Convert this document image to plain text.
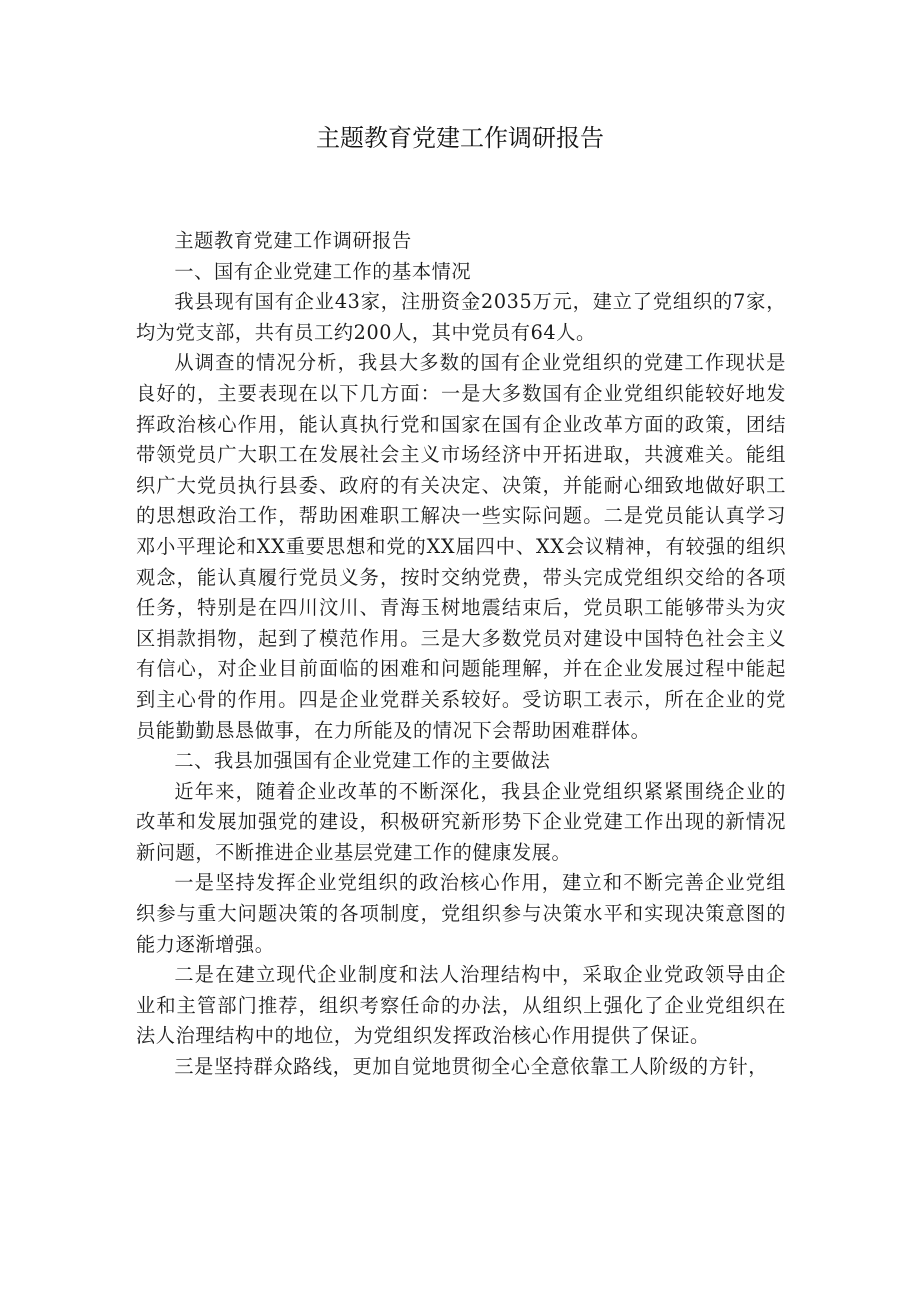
主题教育党建工作调研报告

主题教育党建工作调研报告

一、国有企业党建工作的基本情况

我县现有国有企业43家，注册资金2035万元，建立了党组织的7家，均为党支部，共有员工约200人，其中党员有64人。

从调查的情况分析，我县大多数的国有企业党组织的党建工作现状是良好的，主要表现在以下几方面：一是大多数国有企业党组织能较好地发挥政治核心作用，能认真执行党和国家在国有企业改革方面的政策，团结带领党员广大职工在发展社会主义市场经济中开拓进取，共渡难关。能组织广大党员执行县委、政府的有关决定、决策，并能耐心细致地做好职工的思想政治工作，帮助困难职工解决一些实际问题。二是党员能认真学习邓小平理论和XX重要思想和党的XX届四中、XX会议精神，有较强的组织观念，能认真履行党员义务，按时交纳党费，带头完成党组织交给的各项任务，特别是在四川汶川、青海玉树地震结束后，党员职工能够带头为灾区捐款捐物，起到了模范作用。三是大多数党员对建设中国特色社会主义有信心，对企业目前面临的困难和问题能理解，并在企业发展过程中能起到主心骨的作用。四是企业党群关系较好。受访职工表示，所在企业的党员能勤勤恳恳做事，在力所能及的情况下会帮助困难群体。

二、我县加强国有企业党建工作的主要做法

近年来，随着企业改革的不断深化，我县企业党组织紧紧围绕企业的改革和发展加强党的建设，积极研究新形势下企业党建工作出现的新情况新问题，不断推进企业基层党建工作的健康发展。

一是坚持发挥企业党组织的政治核心作用，建立和不断完善企业党组织参与重大问题决策的各项制度，党组织参与决策水平和实现决策意图的能力逐渐增强。

二是在建立现代企业制度和法人治理结构中，采取企业党政领导由企业和主管部门推荐，组织考察任命的办法，从组织上强化了企业党组织在法人治理结构中的地位，为党组织发挥政治核心作用提供了保证。

三是坚持群众路线，更加自觉地贯彻全心全意依靠工人阶级的方针，
